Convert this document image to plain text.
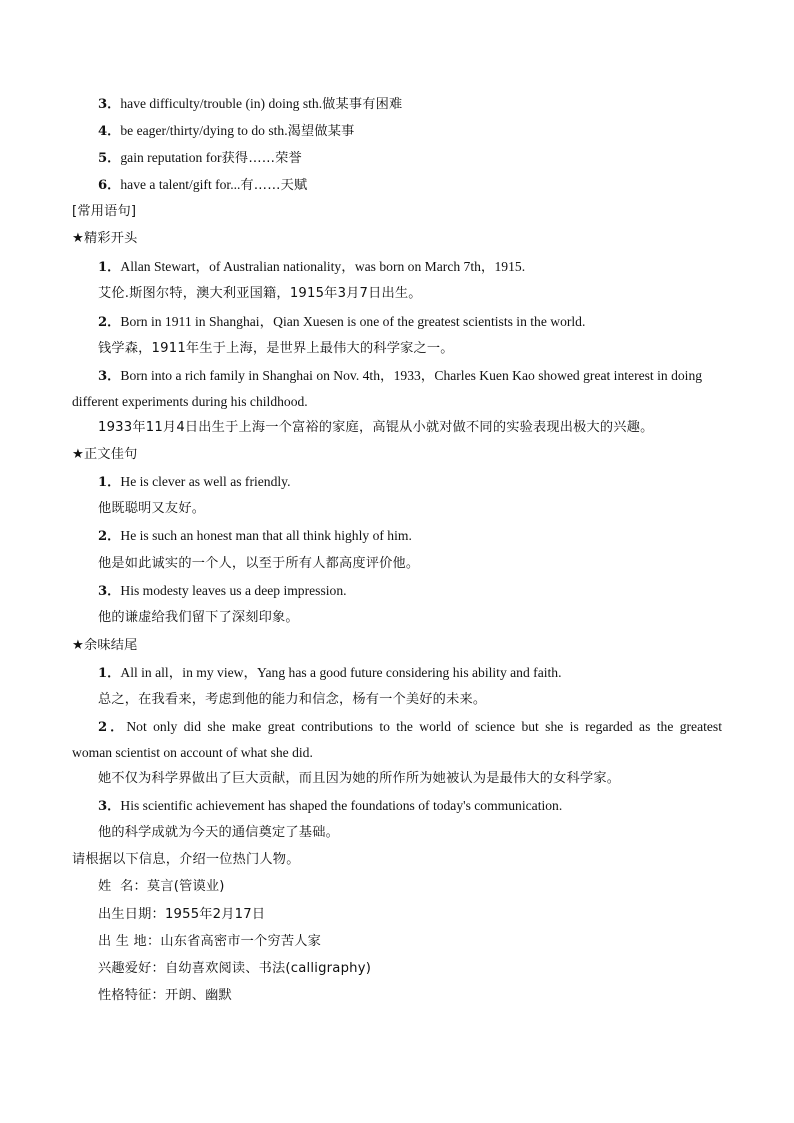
3．have difficulty/trouble (in) doing sth.做某事有困难
4．be eager/thirty/dying to do sth.渴望做某事
5．gain reputation for获得……荣誉
6．have a talent/gift for...有……天赋
[常用语句]
★精彩开头
1．Allan Stewart，of Australian nationality，was born on March 7th，1915.
艾伦.斯图尔特，澳大利亚国籍，1915年3月7日出生。
2．Born in 1911 in Shanghai，Qian Xuesen is one of the greatest scientists in the world.
钱学森，1911年生于上海，是世界上最伟大的科学家之一。
3．Born into a rich family in Shanghai on Nov. 4th，1933，Charles Kuen Kao showed great interest in doing
different experiments during his childhood.
1933年11月4日出生于上海一个富裕的家庭，高锟从小就对做不同的实验表现出极大的兴趣。
★正文佳句
1．He is clever as well as friendly.
他既聪明又友好。
2．He is such an honest man that all think highly of him.
他是如此诚实的一个人，以至于所有人都高度评价他。
3．His modesty leaves us a deep impression.
他的谦虚给我们留下了深刻印象。
★余味结尾
1．All in all，in my view，Yang has a good future considering his ability and faith.
总之，在我看来，考虑到他的能力和信念，杨有一个美好的未来。
2．Not only did she make great contributions to the world of science but she is regarded as the greatest
woman scientist on account of what she did.
她不仅为科学界做出了巨大贡献，而且因为她的所作所为她被认为是最伟大的女科学家。
3．His scientific achievement has shaped the foundations of today's communication.
他的科学成就为今天的通信奠定了基础。
请根据以下信息，介绍一位热门人物。
姓  名：莫言(管谟业)
出生日期：1955年2月17日
出 生 地：山东省高密市一个穷苦人家
兴趣爱好：自幼喜欢阅读、书法(calligraphy)
性格特征：开朗、幽默
